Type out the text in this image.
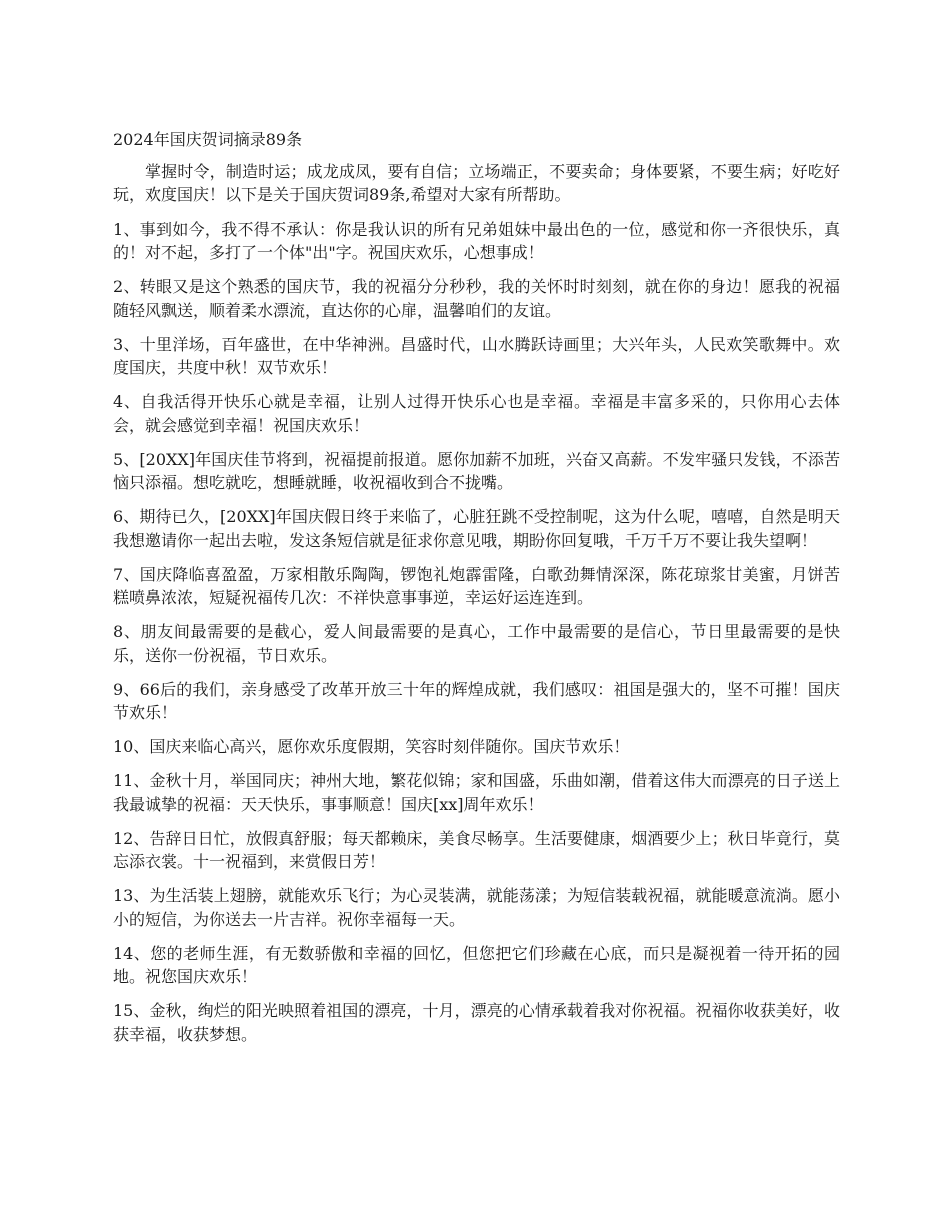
2024年国庆贺词摘录89条

掌握时令，制造时运；成龙成凤，要有自信；立场端正，不要卖命；身体要紧，不要生病；好吃好玩，欢度国庆！以下是关于国庆贺词89条,希望对大家有所帮助。

1、事到如今，我不得不承认：你是我认识的所有兄弟姐妹中最出色的一位，感觉和你一齐很快乐，真的！对不起，多打了一个体"出"字。祝国庆欢乐，心想事成！

2、转眼又是这个熟悉的国庆节，我的祝福分分秒秒，我的关怀时时刻刻，就在你的身边！愿我的祝福随轻风飘送，顺着柔水漂流，直达你的心扉，温馨咱们的友谊。

3、十里洋场，百年盛世，在中华神洲。昌盛时代，山水腾跃诗画里；大兴年头，人民欢笑歌舞中。欢度国庆，共度中秋！双节欢乐！

4、自我活得开快乐心就是幸福，让别人过得开快乐心也是幸福。幸福是丰富多采的，只你用心去体会，就会感觉到幸福！祝国庆欢乐！

5、[20XX]年国庆佳节将到，祝福提前报道。愿你加薪不加班，兴奋又高薪。不发牢骚只发钱，不添苦恼只添福。想吃就吃，想睡就睡，收祝福收到合不拢嘴。

6、期待已久，[20XX]年国庆假日终于来临了，心脏狂跳不受控制呢，这为什么呢，嘻嘻，自然是明天我想邀请你一起出去啦，发这条短信就是征求你意见哦，期盼你回复哦，千万千万不要让我失望啊！

7、国庆降临喜盈盈，万家相散乐陶陶，锣饱礼炮霹雷隆，白歌劲舞情深深，陈花琼浆甘美蜜，月饼苦糕喷鼻浓浓，短疑祝福传几次：不祥快意事事逆，幸运好运连连到。

8、朋友间最需要的是截心，爱人间最需要的是真心，工作中最需要的是信心，节日里最需要的是快乐，送你一份祝福，节日欢乐。

9、66后的我们，亲身感受了改革开放三十年的辉煌成就，我们感叹：祖国是强大的，坚不可摧！国庆节欢乐！

10、国庆来临心高兴，愿你欢乐度假期，笑容时刻伴随你。国庆节欢乐！

11、金秋十月，举国同庆；神州大地，繁花似锦；家和国盛，乐曲如潮，借着这伟大而漂亮的日子送上我最诚挚的祝福：天天快乐，事事顺意！国庆[xx]周年欢乐！

12、告辞日日忙，放假真舒服；每天都赖床，美食尽畅享。生活要健康，烟酒要少上；秋日毕竟行，莫忘添衣裳。十一祝福到，来赏假日芳！

13、为生活装上翅膀，就能欢乐飞行；为心灵装满，就能荡漾；为短信装载祝福，就能暖意流淌。愿小小的短信，为你送去一片吉祥。祝你幸福每一天。

14、您的老师生涯，有无数骄傲和幸福的回忆，但您把它们珍藏在心底，而只是凝视着一待开拓的园地。祝您国庆欢乐！

15、金秋，绚烂的阳光映照着祖国的漂亮，十月，漂亮的心情承载着我对你祝福。祝福你收获美好，收获幸福，收获梦想。
